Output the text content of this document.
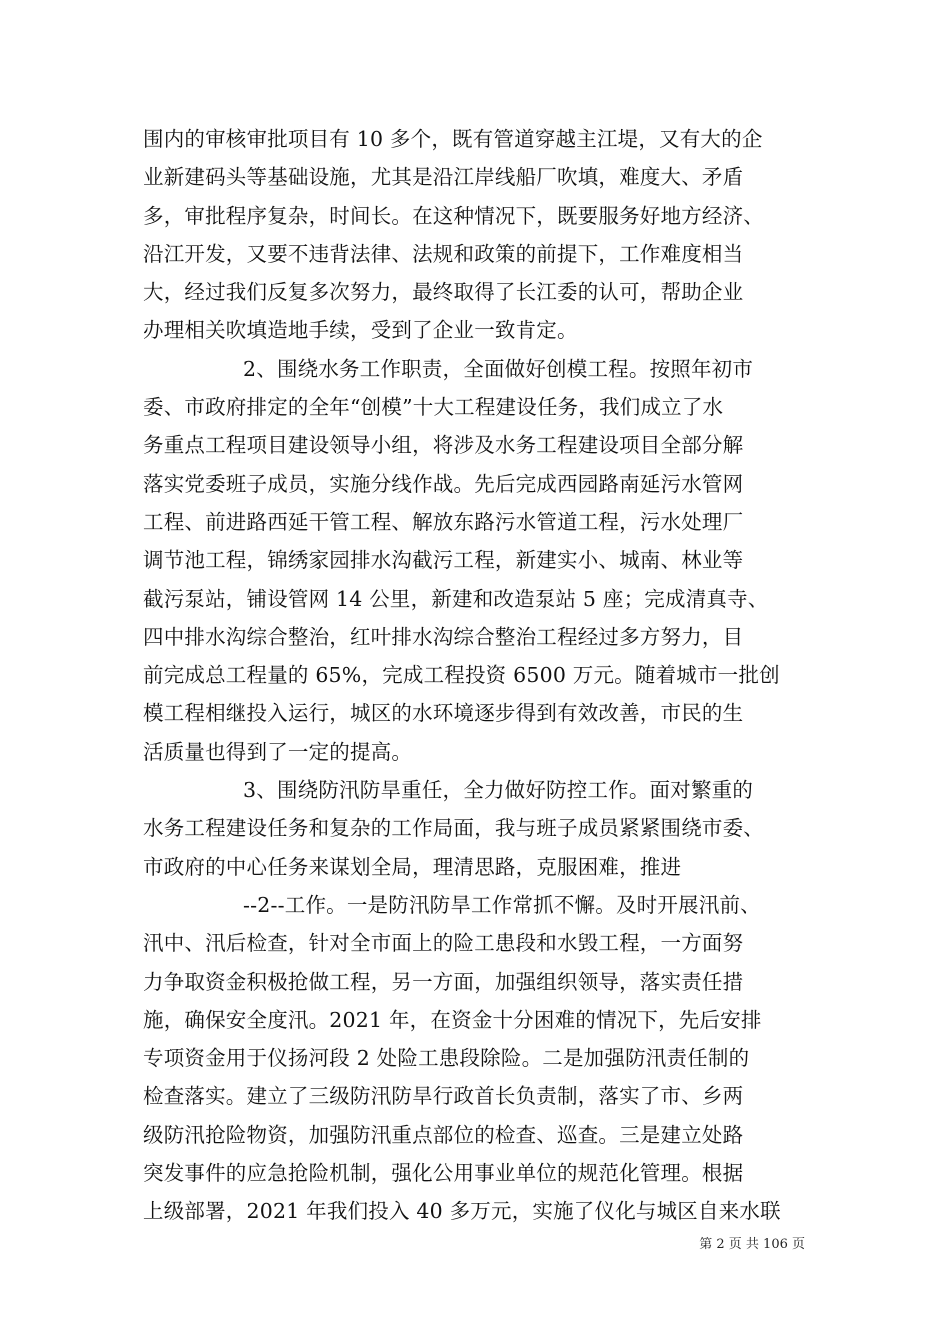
围内的审核审批项目有 10 多个，既有管道穿越主江堤，又有大的企
业新建码头等基础设施，尤其是沿江岸线船厂吹填，难度大、矛盾
多，审批程序复杂，时间长。在这种情况下，既要服务好地方经济、
沿江开发，又要不违背法律、法规和政策的前提下，工作难度相当
大，经过我们反复多次努力，最终取得了长江委的认可，帮助企业
办理相关吹填造地手续，受到了企业一致肯定。
2、围绕水务工作职责，全面做好创模工程。按照年初市
委、市政府排定的全年“创模”十大工程建设任务，我们成立了水
务重点工程项目建设领导小组，将涉及水务工程建设项目全部分解
落实党委班子成员，实施分线作战。先后完成西园路南延污水管网
工程、前进路西延干管工程、解放东路污水管道工程，污水处理厂
调节池工程，锦绣家园排水沟截污工程，新建实小、城南、林业等
截污泵站，铺设管网 14 公里，新建和改造泵站 5 座；完成清真寺、
四中排水沟综合整治，红叶排水沟综合整治工程经过多方努力，目
前完成总工程量的 65%，完成工程投资 6500 万元。随着城市一批创
模工程相继投入运行，城区的水环境逐步得到有效改善，市民的生
活质量也得到了一定的提高。
3、围绕防汛防旱重任，全力做好防控工作。面对繁重的
水务工程建设任务和复杂的工作局面，我与班子成员紧紧围绕市委、
市政府的中心任务来谋划全局，理清思路，克服困难，推进
--2--工作。一是防汛防旱工作常抓不懈。及时开展汛前、
汛中、汛后检查，针对全市面上的险工患段和水毁工程，一方面努
力争取资金积极抢做工程，另一方面，加强组织领导，落实责任措
施，确保安全度汛。2021 年，在资金十分困难的情况下，先后安排
专项资金用于仪扬河段 2 处险工患段除险。二是加强防汛责任制的
检查落实。建立了三级防汛防旱行政首长负责制，落实了市、乡两
级防汛抢险物资，加强防汛重点部位的检查、巡查。三是建立处路
突发事件的应急抢险机制，强化公用事业单位的规范化管理。根据
上级部署，2021 年我们投入 40 多万元，实施了仪化与城区自来水联
第 2 页 共 106 页
